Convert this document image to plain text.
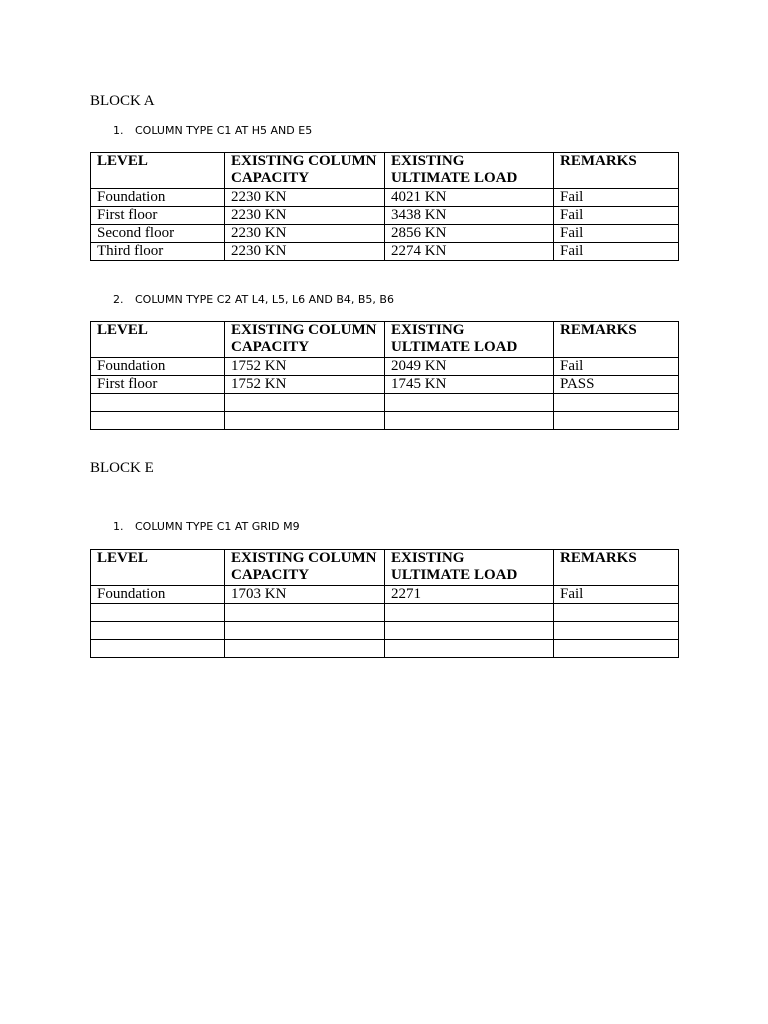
BLOCK A
1. COLUMN TYPE C1 AT H5 AND E5
LEVEL	EXISTING COLUMN CAPACITY	EXISTING ULTIMATE LOAD	REMARKS
Foundation	2230 KN	4021 KN	Fail
First floor	2230 KN	3438 KN	Fail
Second floor	2230 KN	2856 KN	Fail
Third floor	2230 KN	2274 KN	Fail
2. COLUMN TYPE C2 AT L4, L5, L6 AND B4, B5, B6
LEVEL	EXISTING COLUMN CAPACITY	EXISTING ULTIMATE LOAD	REMARKS
Foundation	1752 KN	2049 KN	Fail
First floor	1752 KN	1745 KN	PASS

BLOCK E
1. COLUMN TYPE C1 AT GRID M9
LEVEL	EXISTING COLUMN CAPACITY	EXISTING ULTIMATE LOAD	REMARKS
Foundation	1703 KN	2271	Fail
